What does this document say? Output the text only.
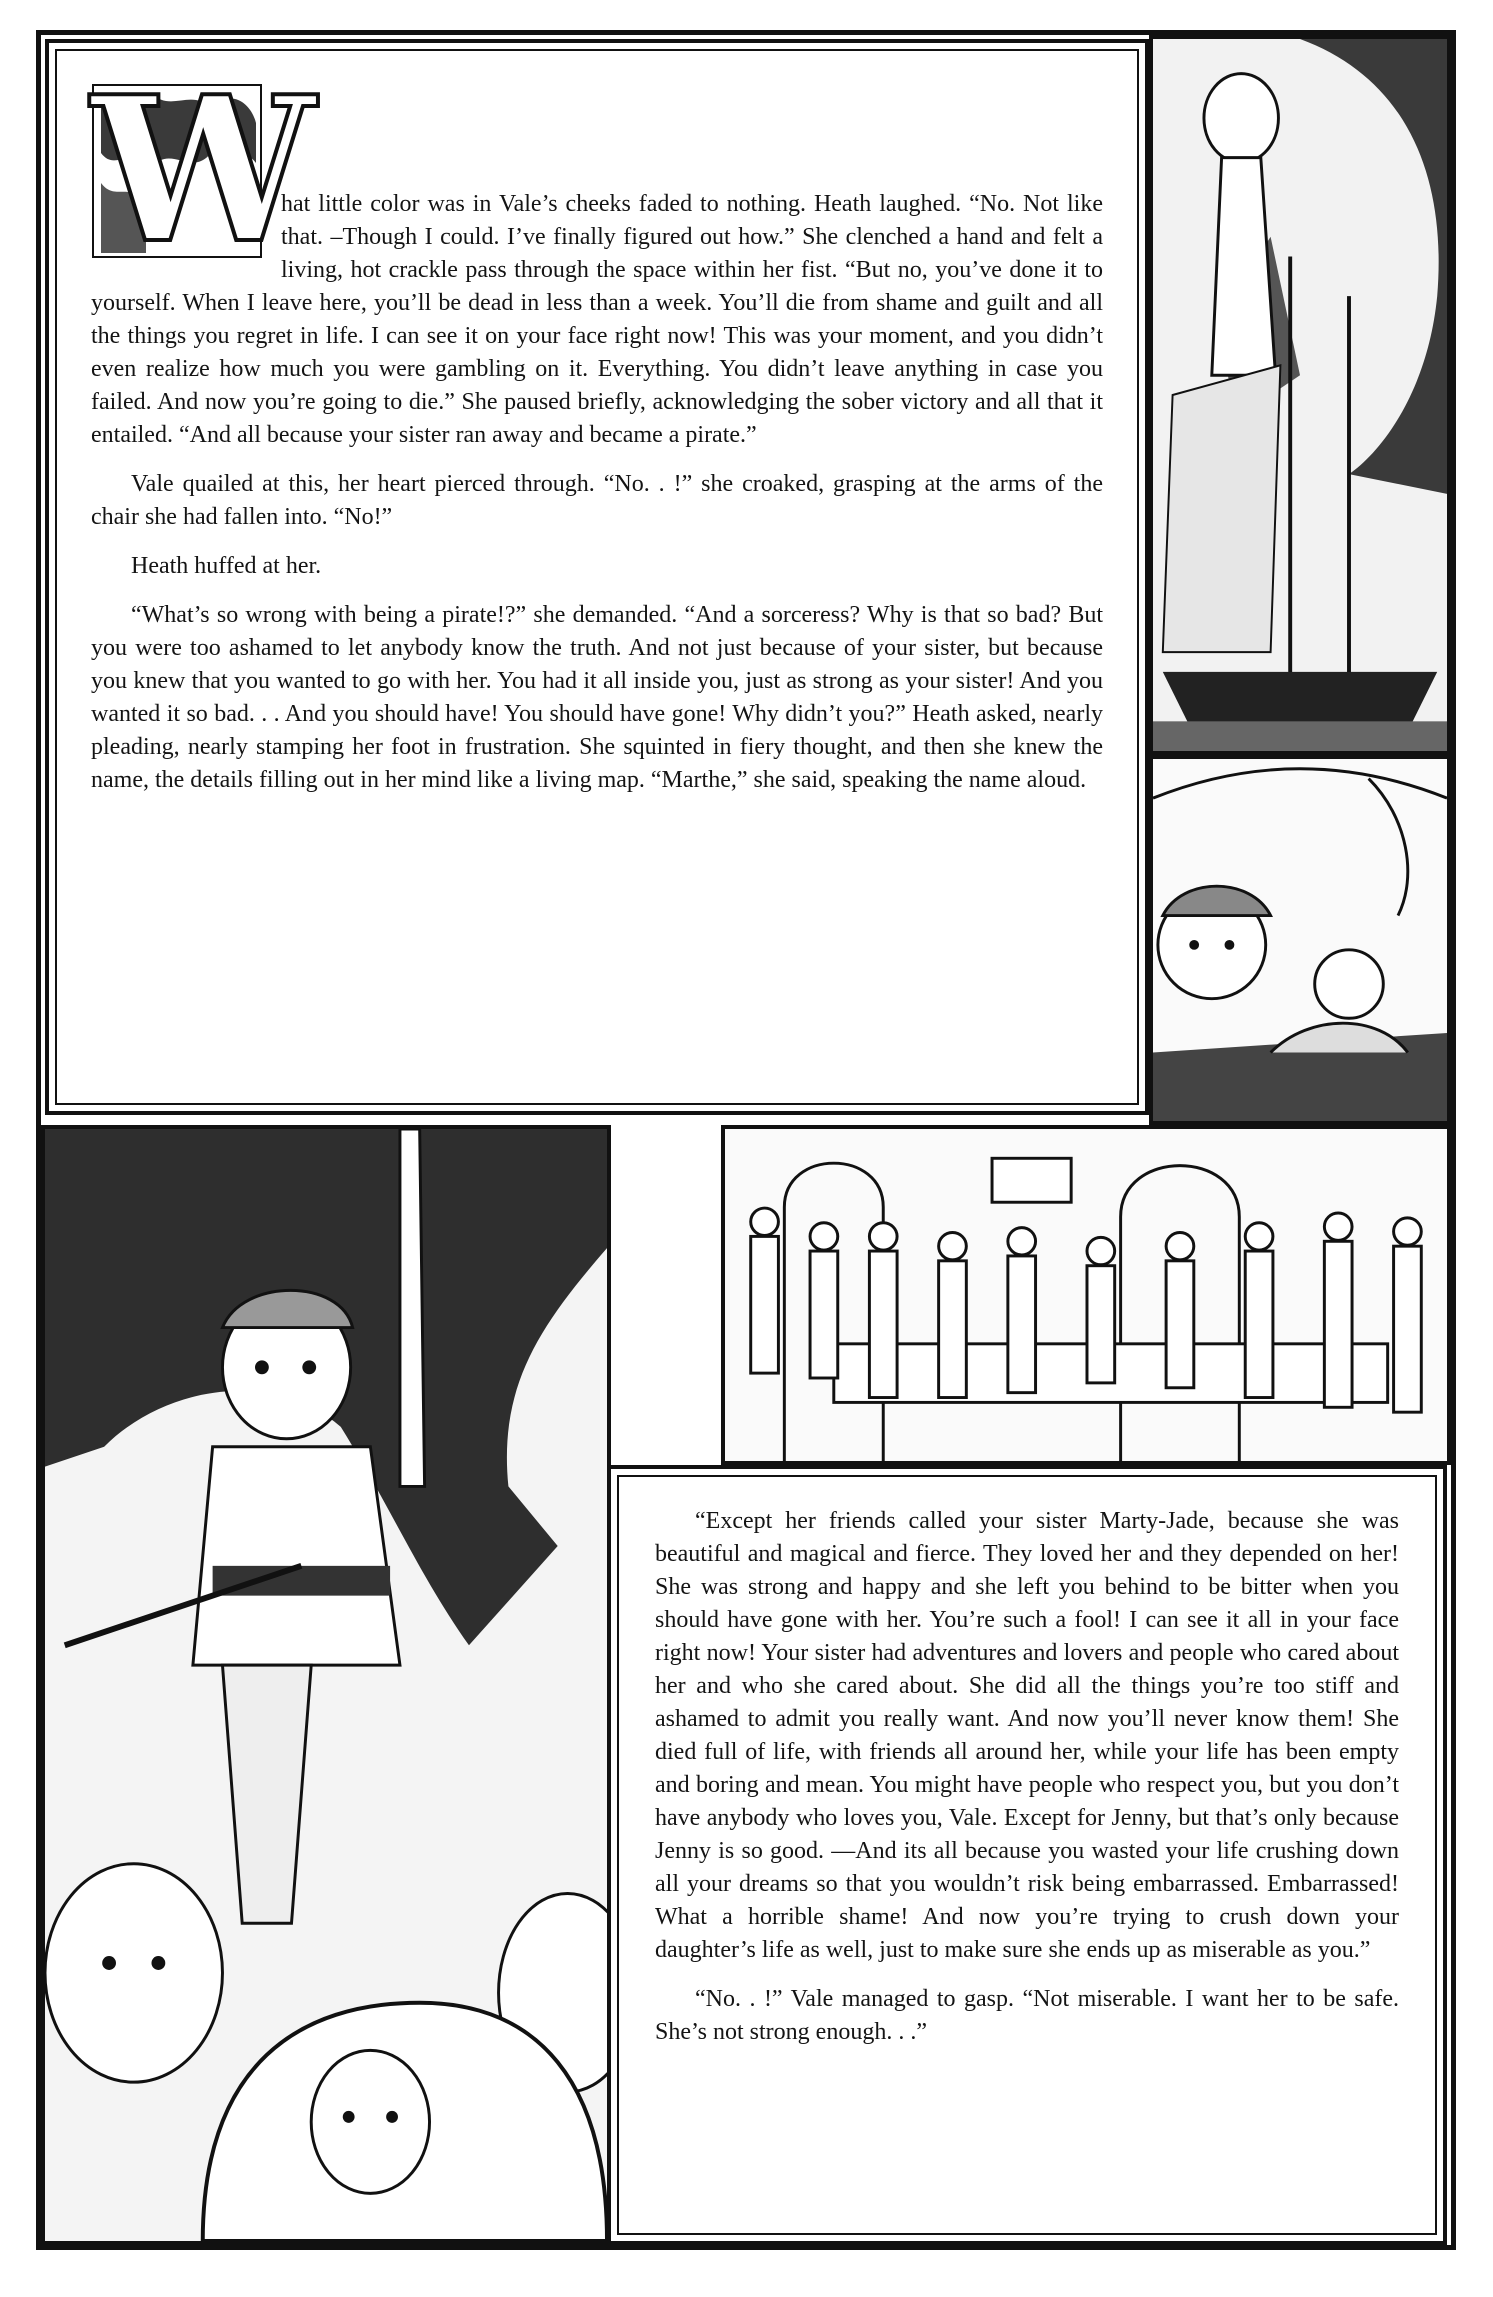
W

hat little color was in Vale’s cheeks faded to nothing. Heath laughed. “No. Not like that. –Though I could. I’ve finally figured out how.” She clenched a hand and felt a living, hot crackle pass through the space within her fist. “But no, you’ve done it to yourself. When I leave here, you’ll be dead in less than a week. You’ll die from shame and guilt and all the things you regret in life. I can see it on your face right now! This was your moment, and you didn’t even realize how much you were gambling on it. Everything. You didn’t leave anything in case you failed. And now you’re going to die.” She paused briefly, acknowledging the sober victory and all that it entailed. “And all because your sister ran away and became a pirate.”

Vale quailed at this, her heart pierced through. “No. . !” she croaked, grasping at the arms of the chair she had fallen into. “No!”

Heath huffed at her.

“What’s so wrong with being a pirate!?” she demanded. “And a sorceress? Why is that so bad? But you were too ashamed to let anybody know the truth. And not just because of your sister, but because you knew that you wanted to go with her. You had it all inside you, just as strong as your sister! And you wanted it so bad. . . And you should have! You should have gone! Why didn’t you?” Heath asked, nearly pleading, nearly stamping her foot in frustration. She squinted in fiery thought, and then she knew the name, the details filling out in her mind like a living map. “Marthe,” she said, speaking the name aloud.

“Except her friends called your sister Marty-Jade, because she was beautiful and magical and fierce. They loved her and they depended on her! She was strong and happy and she left you behind to be bitter when you should have gone with her. You’re such a fool! I can see it all in your face right now! Your sister had adventures and lovers and people who cared about her and who she cared about. She did all the things you’re too stiff and ashamed to admit you really want. And now you’ll never know them! She died full of life, with friends all around her, while your life has been empty and boring and mean. You might have people who respect you, but you don’t have anybody who loves you, Vale. Except for Jenny, but that’s only because Jenny is so good. —And its all because you wasted your life crushing down all your dreams so that you wouldn’t risk being embarrassed. Embarrassed! What a horrible shame! And now you’re trying to crush down your daughter’s life as well, just to make sure she ends up as miserable as you.”

“No. . !” Vale managed to gasp. “Not miserable. I want her to be safe. She’s not strong enough. . .”
